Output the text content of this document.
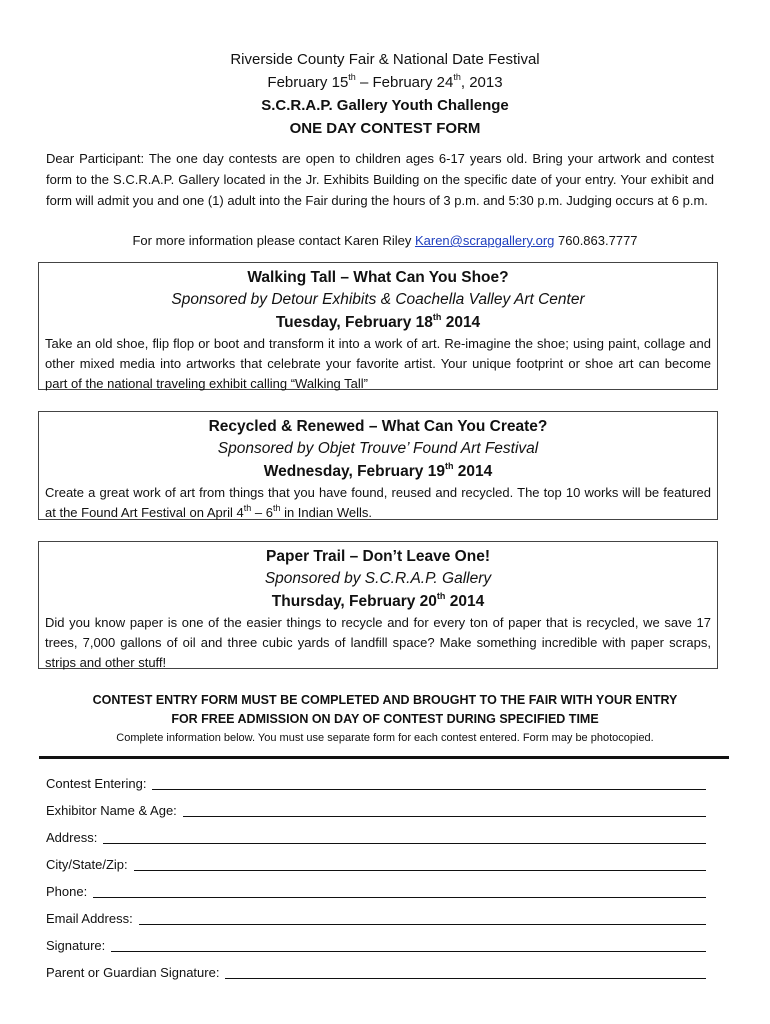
Riverside County Fair & National Date Festival
February 15th – February 24th, 2013
S.C.R.A.P. Gallery Youth Challenge
ONE DAY CONTEST FORM
Dear Participant: The one day contests are open to children ages 6-17 years old. Bring your artwork and contest form to the S.C.R.A.P. Gallery located in the Jr. Exhibits Building on the specific date of your entry. Your exhibit and form will admit you and one (1) adult into the Fair during the hours of 3 p.m. and 5:30 p.m. Judging occurs at 6 p.m.
For more information please contact Karen Riley Karen@scrapgallery.org 760.863.7777
Walking Tall – What Can You Shoe?
Sponsored by Detour Exhibits & Coachella Valley Art Center
Tuesday, February 18th 2014
Take an old shoe, flip flop or boot and transform it into a work of art. Re-imagine the shoe; using paint, collage and other mixed media into artworks that celebrate your favorite artist. Your unique footprint or shoe art can become part of the national traveling exhibit calling “Walking Tall”
Recycled & Renewed – What Can You Create?
Sponsored by Objet Trouve’ Found Art Festival
Wednesday, February 19th 2014
Create a great work of art from things that you have found, reused and recycled. The top 10 works will be featured at the Found Art Festival on April 4th – 6th in Indian Wells.
Paper Trail – Don’t Leave One!
Sponsored by S.C.R.A.P. Gallery
Thursday, February 20th 2014
Did you know paper is one of the easier things to recycle and for every ton of paper that is recycled, we save 17 trees, 7,000 gallons of oil and three cubic yards of landfill space? Make something incredible with paper scraps, strips and other stuff!
CONTEST ENTRY FORM MUST BE COMPLETED AND BROUGHT TO THE FAIR WITH YOUR ENTRY
FOR FREE ADMISSION ON DAY OF CONTEST DURING SPECIFIED TIME
Complete information below. You must use separate form for each contest entered. Form may be photocopied.
Contest Entering:
Exhibitor Name & Age:
Address:
City/State/Zip:
Phone:
Email Address:
Signature:
Parent or Guardian Signature:
